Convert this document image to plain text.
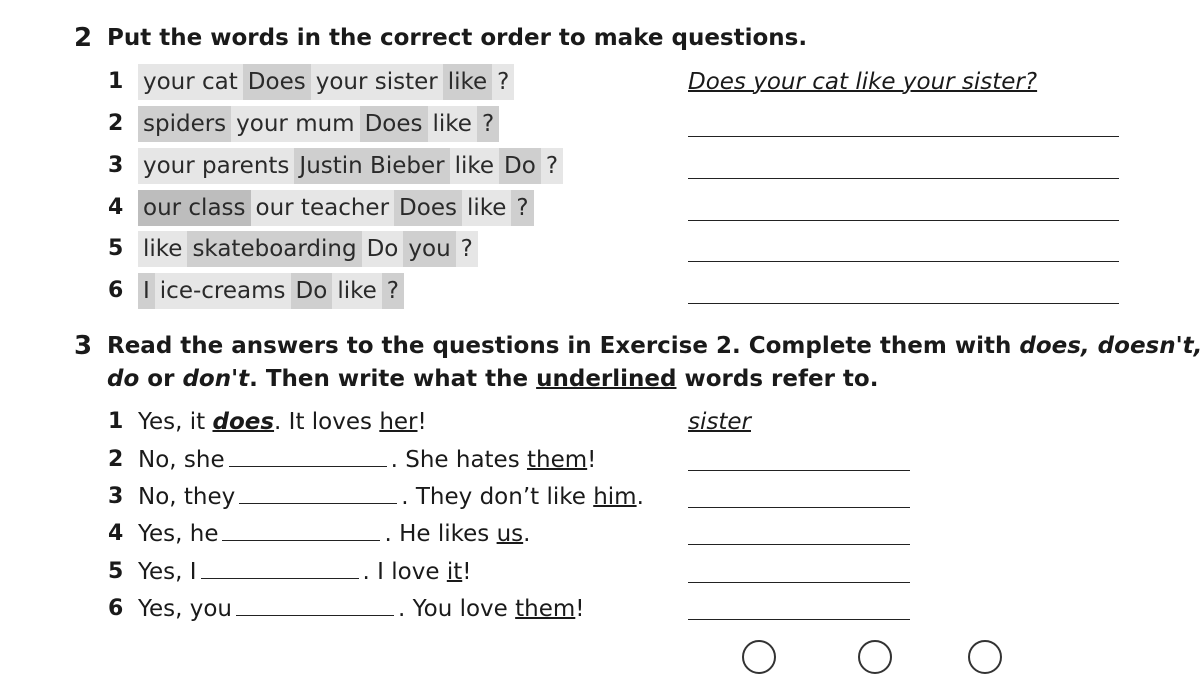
2 Put the words in the correct order to make questions.
1 your cat Does your sister like ?	Does your cat like your sister?
2 spiders your mum Does like ?
3 your parents Justin Bieber like Do ?
4 our class our teacher Does like ?
5 like skateboarding Do you ?
6 I ice-creams Do like ?
3 Read the answers to the questions in Exercise 2. Complete them with does, doesn't,
do or don't. Then write what the underlined words refer to.
1 Yes, it does . It loves her !	sister
2 No, she	. She hates them !
3 No, they	. They don’t like him .
4 Yes, he	. He likes us .
5 Yes, I	. I love it !
6 Yes, you	. You love them !
